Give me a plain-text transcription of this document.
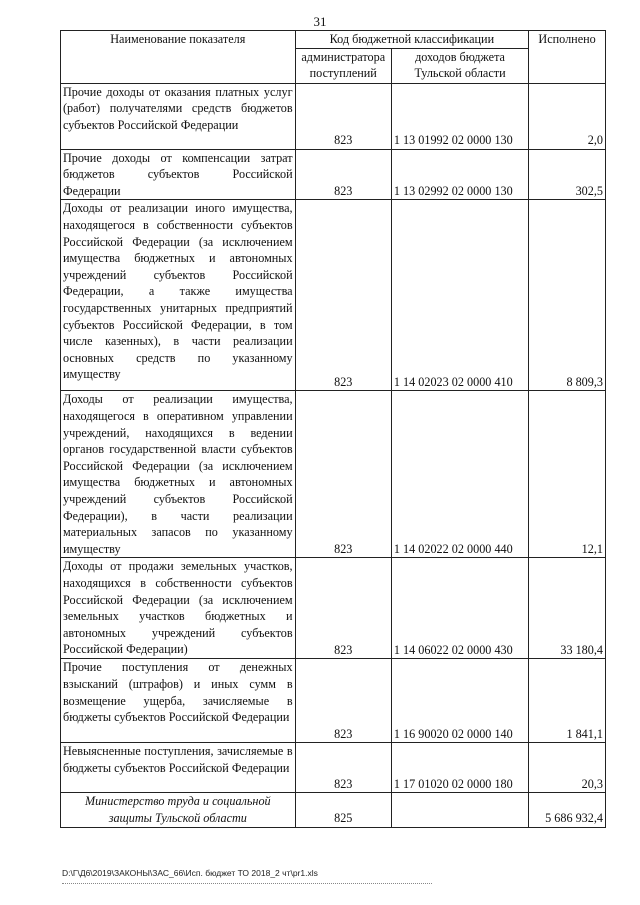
31
Наименование показателя	Код бюджетной классификации		Исполнено
	администратора поступлений	доходов бюджета Тульской области	
Прочие доходы от оказания платных услуг (работ) получателями средств бюджетов субъектов Российской Федерации	823	1 13 01992 02 0000 130	2,0
Прочие доходы от компенсации затрат бюджетов субъектов Российской Федерации	823	1 13 02992 02 0000 130	302,5
Доходы от реализации иного имущества, находящегося в собственности субъектов Российской Федерации (за исключением имущества бюджетных и автономных учреждений субъектов Российской Федерации, а также имущества государственных унитарных предприятий субъектов Российской Федерации, в том числе казенных), в части реализации основных средств по указанному имуществу	823	1 14 02023 02 0000 410	8 809,3
Доходы от реализации имущества, находящегося в оперативном управлении учреждений, находящихся в ведении органов государственной власти субъектов Российской Федерации (за исключением имущества бюджетных и автономных учреждений субъектов Российской Федерации), в части реализации материальных запасов по указанному имуществу	823	1 14 02022 02 0000 440	12,1
Доходы от продажи земельных участков, находящихся в собственности субъектов Российской Федерации (за исключением земельных участков бюджетных и автономных учреждений субъектов Российской Федерации)	823	1 14 06022 02 0000 430	33 180,4
Прочие поступления от денежных взысканий (штрафов) и иных сумм в возмещение ущерба, зачисляемые в бюджеты субъектов Российской Федерации	823	1 16 90020 02 0000 140	1 841,1
Невыясненные поступления, зачисляемые в бюджеты субъектов Российской Федерации	823	1 17 01020 02 0000 180	20,3
Министерство труда и социальной защиты Тульской области	825		5 686 932,4
D:\Г\Д6\2019\ЗАКОНЫ\ЗАС_66\Исп. бюджет ТО 2018_2 чт\pr1.xls
